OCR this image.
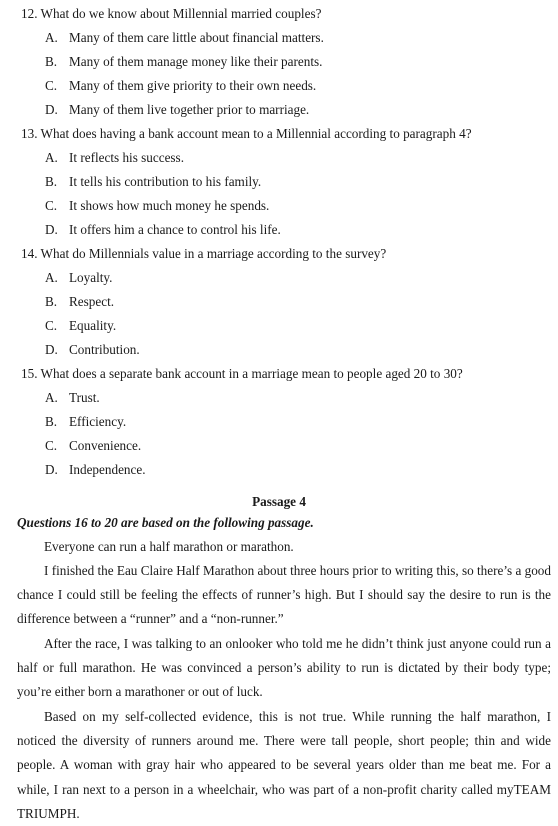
12. What do we know about Millennial married couples?
A. Many of them care little about financial matters.
B. Many of them manage money like their parents.
C. Many of them give priority to their own needs.
D. Many of them live together prior to marriage.
13. What does having a bank account mean to a Millennial according to paragraph 4?
A. It reflects his success.
B. It tells his contribution to his family.
C. It shows how much money he spends.
D. It offers him a chance to control his life.
14. What do Millennials value in a marriage according to the survey?
A. Loyalty.
B. Respect.
C. Equality.
D. Contribution.
15. What does a separate bank account in a marriage mean to people aged 20 to 30?
A. Trust.
B. Efficiency.
C. Convenience.
D. Independence.
Passage 4
Questions 16 to 20 are based on the following passage.
Everyone can run a half marathon or marathon.
I finished the Eau Claire Half Marathon about three hours prior to writing this, so there’s a good chance I could still be feeling the effects of runner’s high. But I should say the desire to run is the difference between a “runner” and a “non-runner.”
After the race, I was talking to an onlooker who told me he didn’t think just anyone could run a half or full marathon. He was convinced a person’s ability to run is dictated by their body type; you’re either born a marathoner or out of luck.
Based on my self-collected evidence, this is not true. While running the half marathon, I noticed the diversity of runners around me. There were tall people, short people; thin and wide people. A woman with gray hair who appeared to be several years older than me beat me. For a while, I ran next to a person in a wheelchair, who was part of a non-profit charity called myTEAM TRIUMPH.
